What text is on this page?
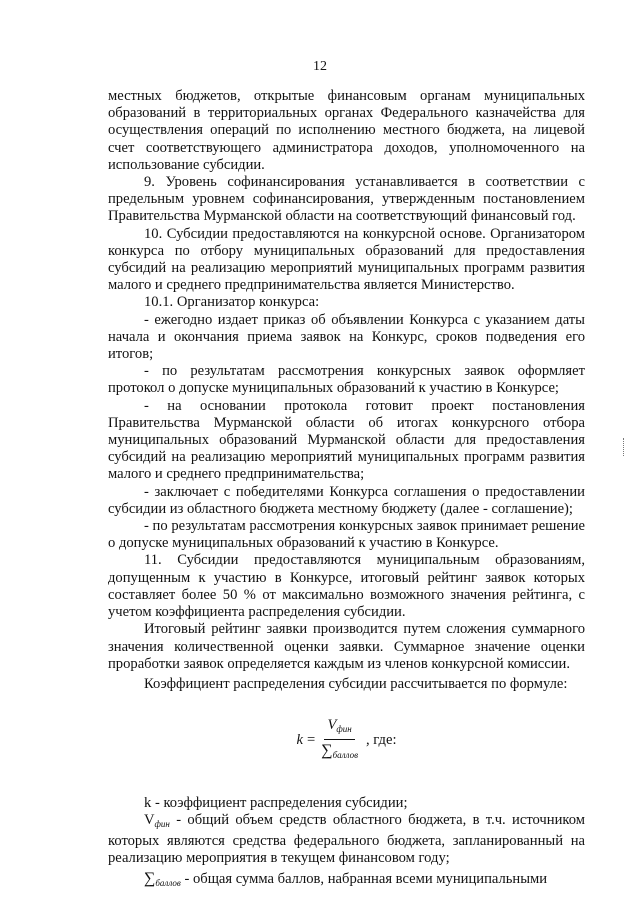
12

местных бюджетов, открытые финансовым органам муниципальных образований в территориальных органах Федерального казначейства для осуществления операций по исполнению местного бюджета, на лицевой счет соответствующего администратора доходов, уполномоченного на использование субсидии.

9. Уровень софинансирования устанавливается в соответствии с предельным уровнем софинансирования, утвержденным постановлением Правительства Мурманской области на соответствующий финансовый год.

10. Субсидии предоставляются на конкурсной основе. Организатором конкурса по отбору муниципальных образований для предоставления субсидий на реализацию мероприятий муниципальных программ развития малого и среднего предпринимательства является Министерство.

10.1. Организатор конкурса:

- ежегодно издает приказ об объявлении Конкурса с указанием даты начала и окончания приема заявок на Конкурс, сроков подведения его итогов;

- по результатам рассмотрения конкурсных заявок оформляет протокол о допуске муниципальных образований к участию в Конкурсе;

- на основании протокола готовит проект постановления Правительства Мурманской области об итогах конкурсного отбора муниципальных образований Мурманской области для предоставления субсидий на реализацию мероприятий муниципальных программ развития малого и среднего предпринимательства;

- заключает с победителями Конкурса соглашения о предоставлении субсидии из областного бюджета местному бюджету (далее - соглашение);

- по результатам рассмотрения конкурсных заявок принимает решение о допуске муниципальных образований к участию в Конкурсе.

11. Субсидии предоставляются муниципальным образованиям, допущенным к участию в Конкурсе, итоговый рейтинг заявок которых составляет более 50 % от максимально возможного значения рейтинга, с учетом коэффициента распределения субсидии.

Итоговый рейтинг заявки производится путем сложения суммарного значения количественной оценки заявки. Суммарное значение оценки проработки заявок определяется каждым из членов конкурсной комиссии.

Коэффициент распределения субсидии рассчитывается по формуле:

$k = \frac{V_{фин}}{\sum_{баллов}}$ , где:

k - коэффициент распределения субсидии;

$V_{фин}$ - общий объем средств областного бюджета, в т.ч. источником которых являются средства федерального бюджета, запланированный на реализацию мероприятия в текущем финансовом году;

$\sum_{баллов}$ - общая сумма баллов, набранная всеми муниципальными
